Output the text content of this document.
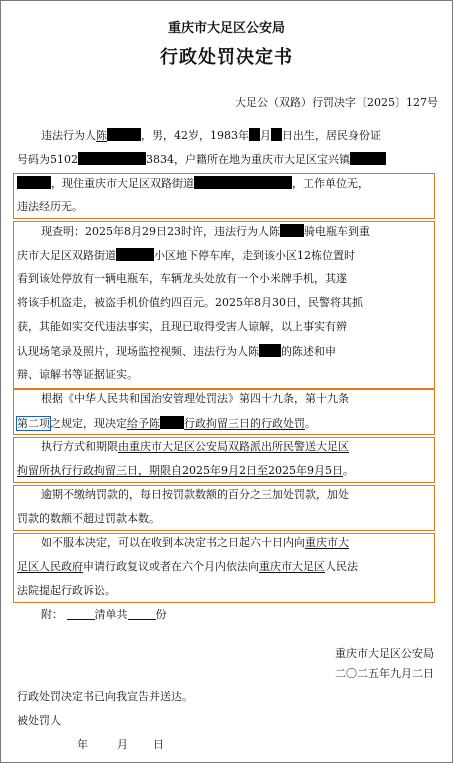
重庆市大足区公安局
行政处罚决定书
大足公（双路）行罚决字〔2025〕127号
违法行为人陈	，男，42岁，1983年 月 日出生，居民身份证
号码为5102	3834，户籍所在地为重庆市大足区宝兴镇
，现住重庆市大足区双路街道	，工作单位无，
违法经历无。
现查明：2025年8月29日23时许，违法行为人陈 骑电瓶车到重
庆市大足区双路街道	小区地下停车库，走到该小区12栋位置时
看到该处停放有一辆电瓶车，车辆龙头处放有一个小米牌手机，其遂
将该手机盗走，被盗手机价值约四百元。2025年8月30日，民警将其抓
获，其能如实交代违法事实，且现已取得受害人谅解，以上事实有辨
认现场笔录及照片，现场监控视频、违法行为人陈 的陈述和申
辩、谅解书等证据证实。
根据《中华人民共和国治安管理处罚法》第四十九条，第十九条
第二项之规定，现决定给予陈 行政拘留三日的行政处罚。
执行方式和期限由重庆市大足区公安局双路派出所民警送大足区
拘留所执行行政拘留三日，期限自2025年9月2日至2025年9月5日。
逾期不缴纳罚款的，每日按罚款数额的百分之三加处罚款，加处
罚款的数额不超过罚款本数。
如不服本决定，可以在收到本决定书之日起六十日内向重庆市大
足区人民政府申请行政复议或者在六个月内依法向重庆市大足区人民法
法院提起行政诉讼。
附：	清单共	份
重庆市大足区公安局
二〇二五年九月二日
行政处罚决定书已向我宣告并送达。
被处罚人
年	月 日
